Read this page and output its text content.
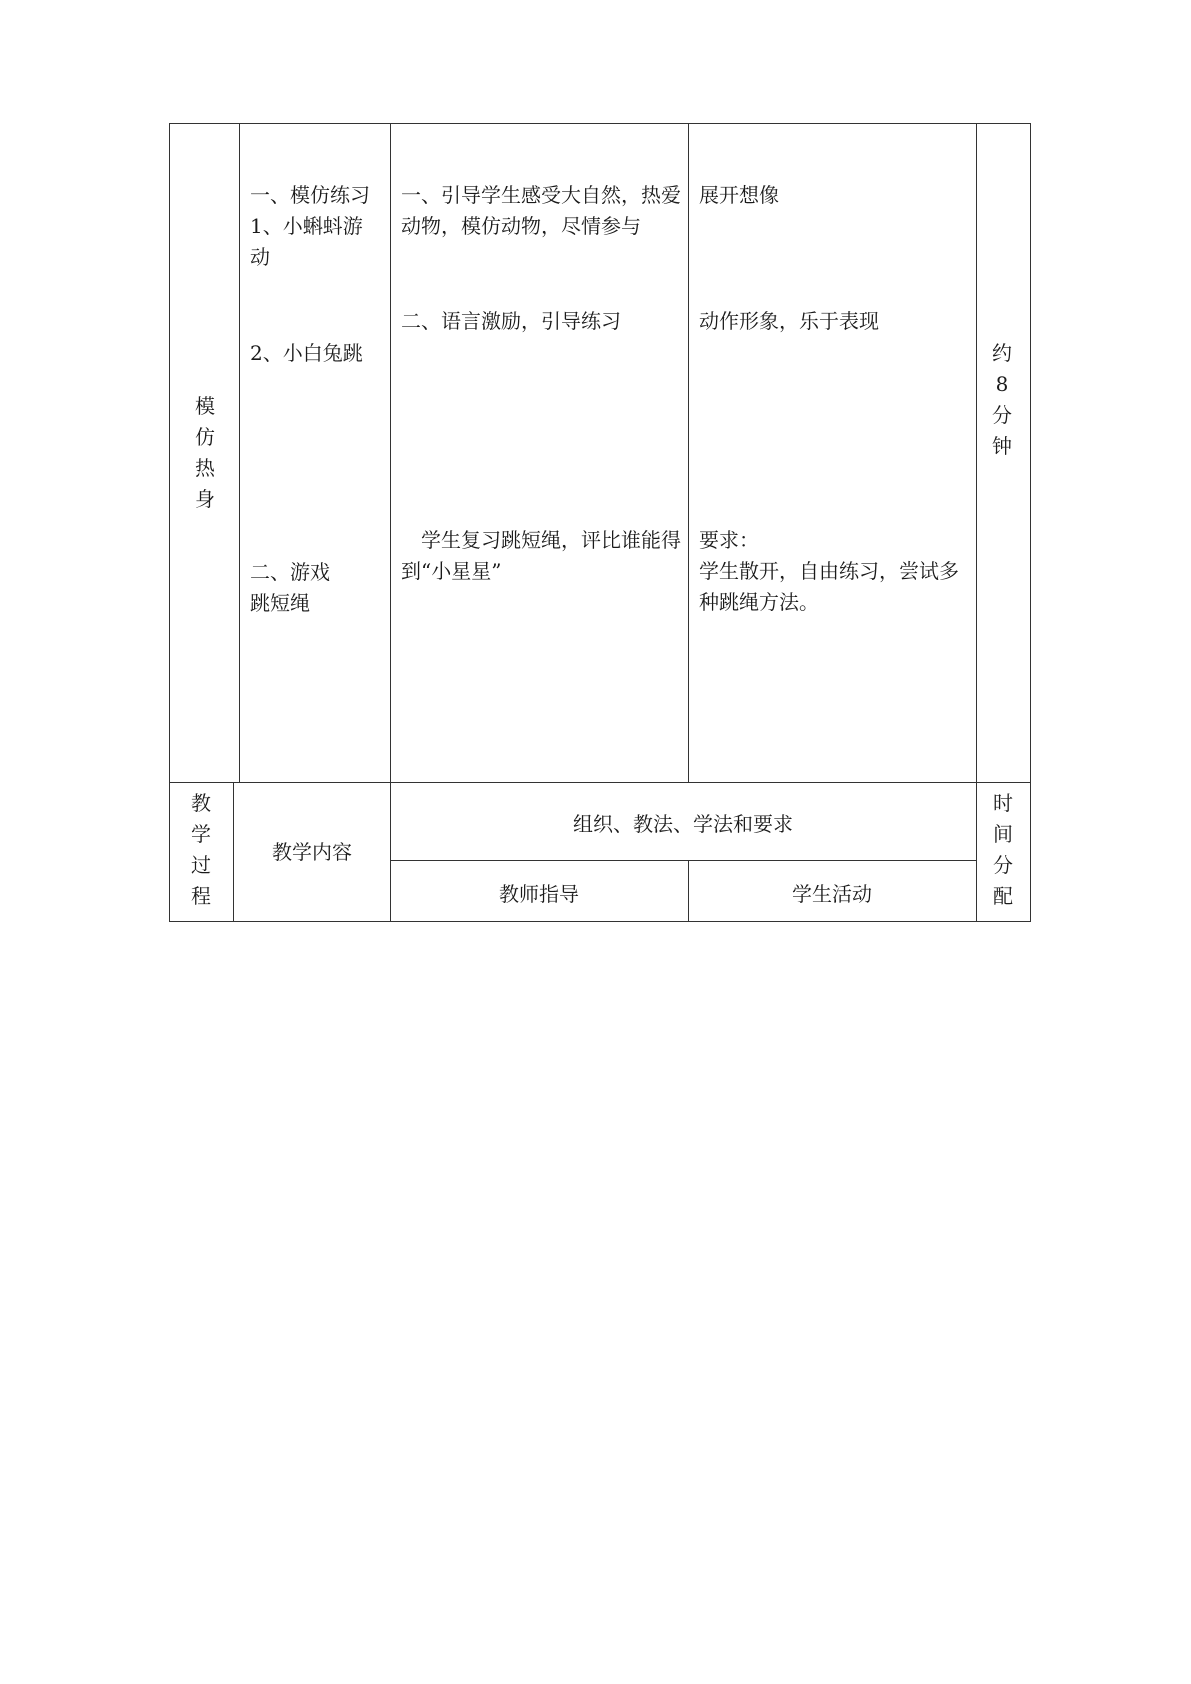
模仿热身
一、模仿练习
1、小蝌蚪游
动
2、小白兔跳
二、游戏
跳短绳
一、引导学生感受大自然，热爱动物，模仿动物，尽情参与
二、语言激励，引导练习
学生复习跳短绳，评比谁能得到“小星星”
展开想像
动作形象，乐于表现
要求：
学生散开，自由练习，尝试多种跳绳方法。
约8分钟
教学过程
教学内容
组织、教法、学法和要求
教师指导	学生活动
时间分配
